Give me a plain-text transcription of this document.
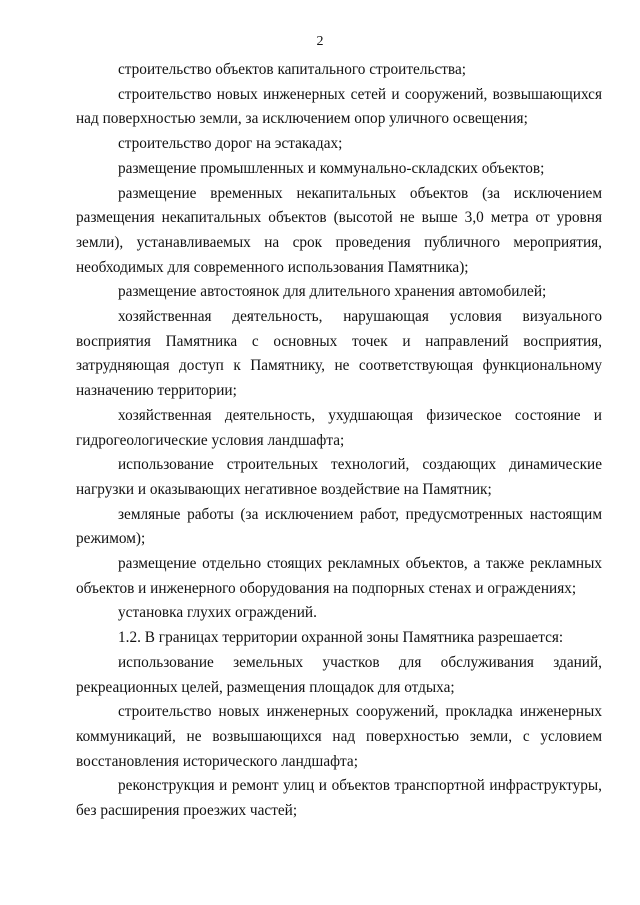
2

строительство объектов капитального строительства;

строительство новых инженерных сетей и сооружений, возвышающихся над поверхностью земли, за исключением опор уличного освещения;

строительство дорог на эстакадах;

размещение промышленных и коммунально-складских объектов;

размещение временных некапитальных объектов (за исключением размещения некапитальных объектов (высотой не выше 3,0 метра от уровня земли), устанавливаемых на срок проведения публичного мероприятия, необходимых для современного использования Памятника);

размещение автостоянок для длительного хранения автомобилей;

хозяйственная деятельность, нарушающая условия визуального восприятия Памятника с основных точек и направлений восприятия, затрудняющая доступ к Памятнику, не соответствующая функциональному назначению территории;

хозяйственная деятельность, ухудшающая физическое состояние и гидрогеологические условия ландшафта;

использование строительных технологий, создающих динамические нагрузки и оказывающих негативное воздействие на Памятник;

земляные работы (за исключением работ, предусмотренных настоящим режимом);

размещение отдельно стоящих рекламных объектов, а также рекламных объектов и инженерного оборудования на подпорных стенах и ограждениях;

установка глухих ограждений.

1.2. В границах территории охранной зоны Памятника разрешается:

использование земельных участков для обслуживания зданий, рекреационных целей, размещения площадок для отдыха;

строительство новых инженерных сооружений, прокладка инженерных коммуникаций, не возвышающихся над поверхностью земли, с условием восстановления исторического ландшафта;

реконструкция и ремонт улиц и объектов транспортной инфраструктуры, без расширения проезжих частей;
